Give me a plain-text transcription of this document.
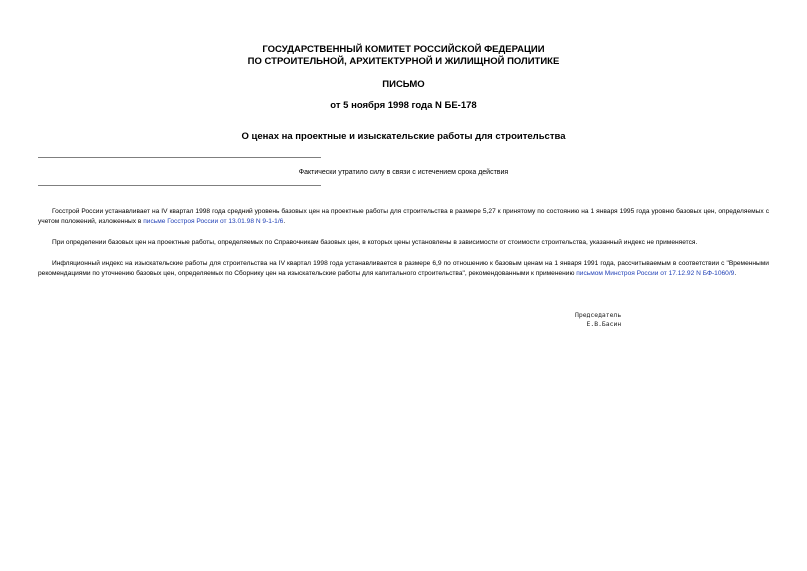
ГОСУДАРСТВЕННЫЙ КОМИТЕТ РОССИЙСКОЙ ФЕДЕРАЦИИ
ПО СТРОИТЕЛЬНОЙ, АРХИТЕКТУРНОЙ И ЖИЛИЩНОЙ ПОЛИТИКЕ
ПИСЬМО
от 5 ноября 1998 года N БЕ-178
О ценах на проектные и изыскательские работы для строительства
Фактически утратило силу в связи с истечением срока действия
Госстрой России устанавливает на IV квартал 1998 года средний уровень базовых цен на проектные работы для строительства в размере 5,27 к принятому по состоянию на 1 января 1995 года уровню базовых цен, определяемых с учетом положений, изложенных в письме Госстроя России от 13.01.98 N 9-1-1/6.
При определении базовых цен на проектные работы, определяемых по Справочникам базовых цен, в которых цены установлены в зависимости от стоимости строительства, указанный индекс не применяется.
Инфляционный индекс на изыскательские работы для строительства на IV квартал 1998 года устанавливается в размере 6,9 по отношению к базовым ценам на 1 января 1991 года, рассчитываемым в соответствии с "Временными рекомендациями по уточнению базовых цен, определяемых по Сборнику цен на изыскательские работы для капитального строительства", рекомендованными к применению письмом Минстроя России от 17.12.92 N БФ-1060/9.
Председатель
Е.В.Басин
